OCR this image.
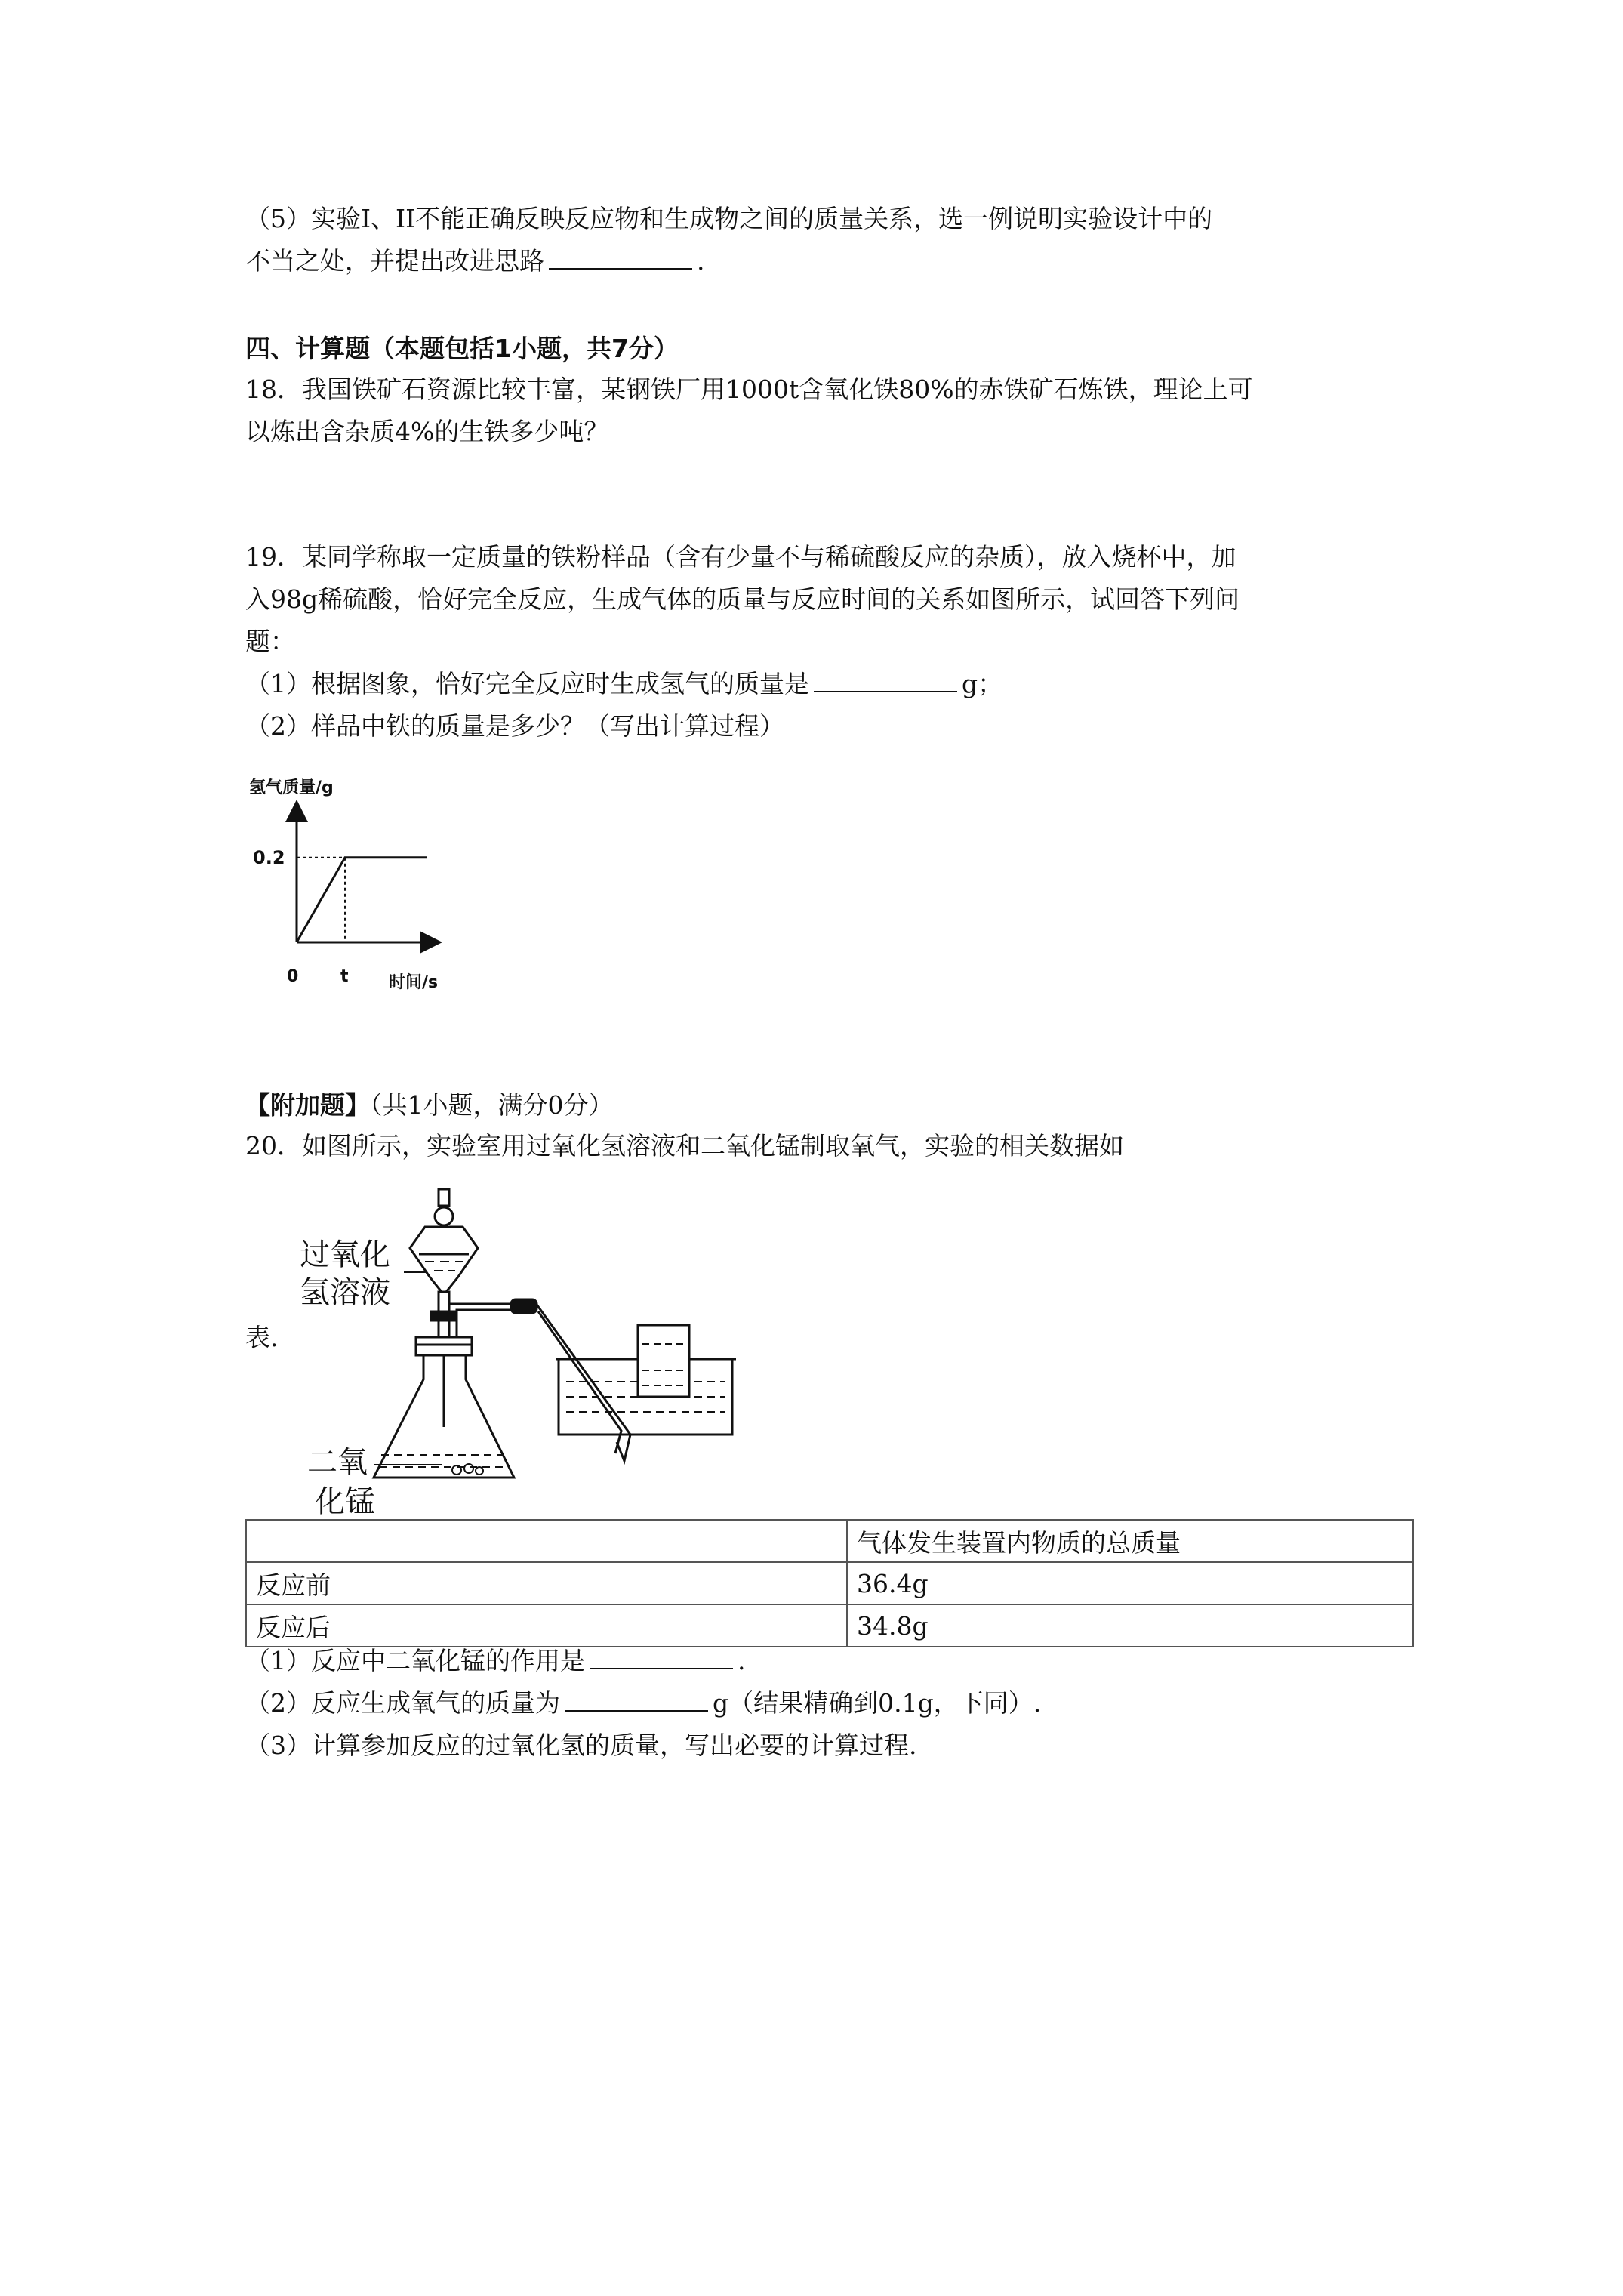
（5）实验Ⅰ、II不能正确反映反应物和生成物之间的质量关系，选一例说明实验设计中的
不当之处，并提出改进思路	.
四、计算题（本题包括1小题，共7分）
18．我国铁矿石资源比较丰富，某钢铁厂用1000t含氧化铁80%的赤铁矿石炼铁，理论上可
以炼出含杂质4%的生铁多少吨？
19．某同学称取一定质量的铁粉样品（含有少量不与稀硫酸反应的杂质），放入烧杯中，加
入98g稀硫酸，恰好完全反应，生成气体的质量与反应时间的关系如图所示，试回答下列问
题：
（1）根据图象，恰好完全反应时生成氢气的质量是	g；
（2）样品中铁的质量是多少？（写出计算过程）
氢气质量/g
0	t
0.2
时间/s
【附加题】（共1小题，满分0分）
20．如图所示，实验室用过氧化氢溶液和二氧化锰制取氧气，实验的相关数据如
表.
过氧化
氢溶液
二氧
化锰
	气体发生装置内物质的总质量
反应前	36.4g
反应后	34.8g
（1）反应中二氧化锰的作用是	.
（2）反应生成氧气的质量为	g（结果精确到0.1g，下同）.
（3）计算参加反应的过氧化氢的质量，写出必要的计算过程.
